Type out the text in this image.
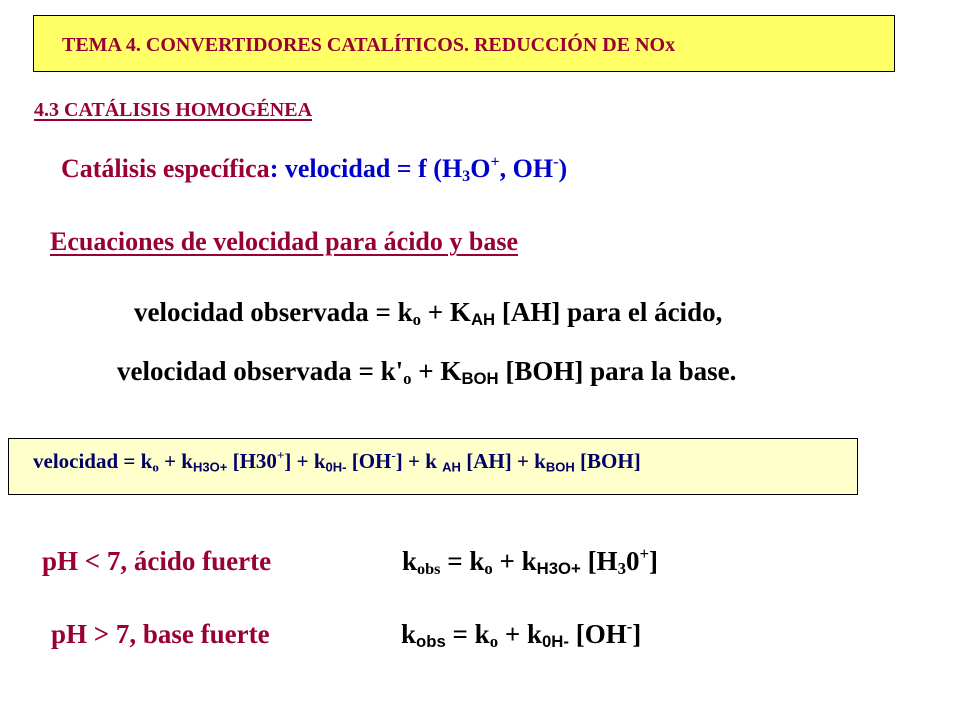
TEMA 4. CONVERTIDORES CATALÍTICOS. REDUCCIÓN DE NOx
4.3 CATÁLISIS HOMOGÉNEA
Catálisis específica: velocidad = f ($H_3O^+$, OH-)
Ecuaciones de velocidad para ácido y base
velocidad observada = $k_o + K_{AH}$ [AH] para el ácido,
velocidad observada = $k'_o + K_{BOH}$ [BOH] para la base.
velocidad = $k_o + k_{H3O+}$ $[H30^+] + k_{0H-}$ [OH-] + k $_{AH}$ $[AH] + k_{BOH}$ [BOH]
pH < 7, ácido fuerte	$k_{obs} = k_o + k_{H3O+}$ $[H_30^+]$
pH > 7, base fuerte	$k_{obs} = k_o + k_{0H-}$ [OH-]
